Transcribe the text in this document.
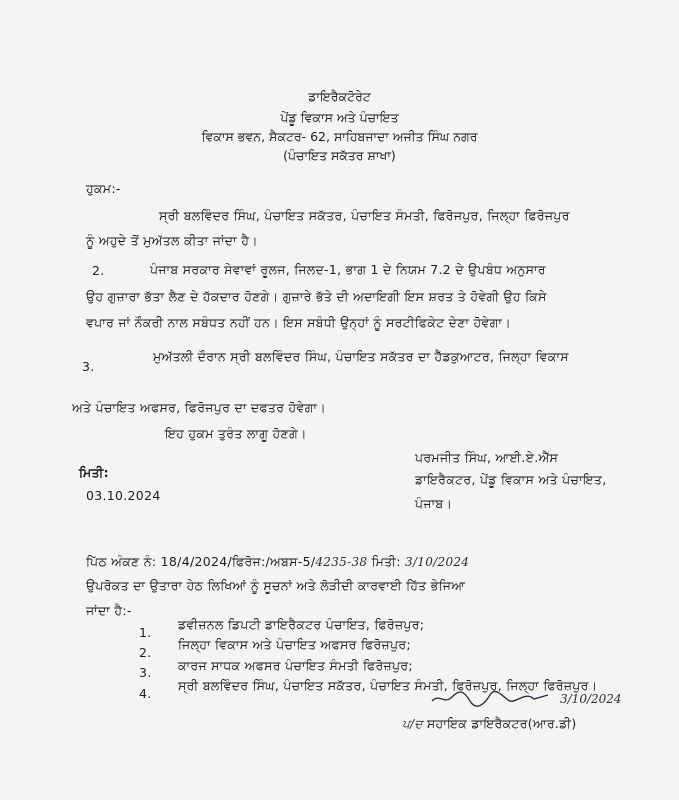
ਡਾਇਰੈਕਟੋਰੇਟ
ਪੇਂਡੂ ਵਿਕਾਸ ਅਤੇ ਪੰਚਾਇਤ
ਵਿਕਾਸ ਭਵਨ, ਸੈਕਟਰ- 62, ਸਾਹਿਬਜਾਦਾ ਅਜੀਤ ਸਿੰਘ ਨਗਰ
(ਪੰਚਾਇਤ ਸਕੱਤਰ ਸ਼ਾਖਾ)
ਹੁਕਮ:-
ਸ੍ਰੀ ਬਲਵਿੰਦਰ ਸਿੰਘ, ਪੰਚਾਇਤ ਸਕੱਤਰ, ਪੰਚਾਇਤ ਸੰਮਤੀ, ਫਿਰੋਜਪੁਰ, ਜਿਲ੍ਹਾ ਫਿਰੋਜਪੁਰ
ਨੂੰ ਅਹੁਦੇ ਤੋਂ ਮੁਅੱਤਲ ਕੀਤਾ ਜਾਂਦਾ ਹੈ।
2.	ਪੰਜਾਬ ਸਰਕਾਰ ਸੇਵਾਵਾਂ ਰੂਲਜ, ਜਿਲਦ-1, ਭਾਗ 1 ਦੇ ਨਿਯਮ 7.2 ਦੇ ਉਪਬੰਧ ਅਨੁਸਾਰ
ਉਹ ਗੁਜ਼ਾਰਾ ਭੱਤਾ ਲੈਣ ਦੇ ਹੱਕਦਾਰ ਹੋਣਗੇ। ਗੁਜ਼ਾਰੇ ਭੱਤੇ ਦੀ ਅਦਾਇਗੀ ਇਸ ਸ਼ਰਤ ਤੇ ਹੋਵੇਗੀ ਉਹ ਕਿਸੇ
ਵਪਾਰ ਜਾਂ ਨੌਕਰੀ ਨਾਲ ਸਬੰਧਤ ਨਹੀਂ ਹਨ। ਇਸ ਸਬੰਧੀ ਉਨ੍ਹਾਂ ਨੂੰ ਸਰਟੀਫਿਕੇਟ ਦੇਣਾ ਹੋਵੇਗਾ।
3.
ਮੁਅੱਤਲੀ ਦੌਰਾਨ ਸ੍ਰੀ ਬਲਵਿੰਦਰ ਸਿੰਘ, ਪੰਚਾਇਤ ਸਕੱਤਰ ਦਾ ਹੈੱਡਕੁਆਟਰ, ਜਿਲ੍ਹਾ ਵਿਕਾਸ
ਅਤੇ ਪੰਚਾਇਤ ਅਫਸਰ, ਫਿਰੋਜਪੁਰ ਦਾ ਦਫਤਰ ਹੋਵੇਗਾ।
ਇਹ ਹੁਕਮ ਤੁਰੰਤ ਲਾਗੂ ਹੋਣਗੇ।
ਮਿਤੀ:
03.10.2024
ਪਰਮਜੀਤ ਸਿੰਘ, ਆਈ.ਏ.ਐੱਸ
ਡਾਇਰੈਕਟਰ, ਪੇਂਡੂ ਵਿਕਾਸ ਅਤੇ ਪੰਚਾਇਤ,
ਪੰਜਾਬ।
ਪਿੱਠ ਅੰਕਣ ਨੰ: 18/4/2024/ਫਿਰੋਜ:/ਅਬਸ-5/4235-38 ਮਿਤੀ: 3/10/2024
ਉਪਰੋਕਤ ਦਾ ਉਤਾਰਾ ਹੇਠ ਲਿਖਿਆਂ ਨੂੰ ਸੂਚਨਾਂ ਅਤੇ ਲੋੜੀਦੀ ਕਾਰਵਾਈ ਹਿੱਤ ਭੇਜਿਆ
ਜਾਂਦਾ ਹੈ:-
1.
ਡਵੀਜ਼ਨਲ ਡਿਪਟੀ ਡਾਇਰੈਕਟਰ ਪੰਚਾਇਤ, ਫਿਰੋਜ਼ਪੁਰ;
2.
ਜਿਲ੍ਹਾ ਵਿਕਾਸ ਅਤੇ ਪੰਚਾਇਤ ਅਫਸਰ ਫਿਰੋਜ਼ਪੁਰ;
3. ਕਾਰਜ ਸਾਧਕ ਅਫਸਰ ਪੰਚਾਇਤ ਸੰਮਤੀ ਫਿਰੋਜ਼ਪੁਰ;
4.
ਸ੍ਰੀ ਬਲਵਿੰਦਰ ਸਿੰਘ, ਪੰਚਾਇਤ ਸਕੱਤਰ, ਪੰਚਾਇਤ ਸੰਮਤੀ, ਫਿਰੋਜ਼ਪੁਰ, ਜਿਲ੍ਹਾ ਫਿਰੋਜ਼ਪੁਰ।
3/10/2024
ਪ/ਦ ਸਹਾਇਕ ਡਾਇਰੈਕਟਰ(ਆਰ.ਡੀ)
